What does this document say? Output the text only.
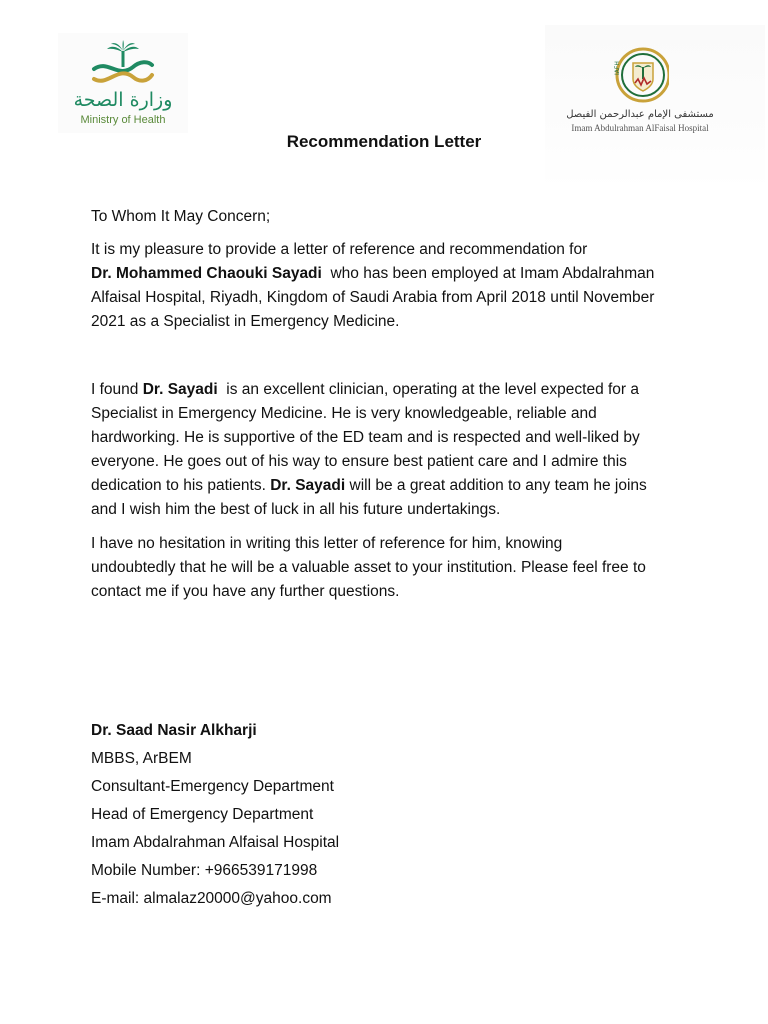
وزارة الصحة
Ministry of Health
IAFH
مستشفى الإمام عبدالرحمن الفيصل
Imam Abdulrahman AlFaisal Hospital
Recommendation Letter

To Whom It May Concern;

It is my pleasure to provide a letter of reference and recommendation for
Dr. Mohammed Chaouki Sayadi  who has been employed at Imam Abdalrahman
Alfaisal Hospital, Riyadh, Kingdom of Saudi Arabia from April 2018 until November
2021 as a Specialist in Emergency Medicine.
I found Dr. Sayadi  is an excellent clinician, operating at the level expected for a
Specialist in Emergency Medicine. He is very knowledgeable, reliable and
hardworking. He is supportive of the ED team and is respected and well-liked by
everyone. He goes out of his way to ensure best patient care and I admire this
dedication to his patients. Dr. Sayadi will be a great addition to any team he joins
and I wish him the best of luck in all his future undertakings.
I have no hesitation in writing this letter of reference for him, knowing
undoubtedly that he will be a valuable asset to your institution. Please feel free to
contact me if you have any further questions.

Dr. Saad Nasir Alkharji

MBBS, ArBEM

Consultant-Emergency Department

Head of Emergency Department

Imam Abdalrahman Alfaisal Hospital

Mobile Number: +966539171998

E-mail: almalaz20000@yahoo.com
